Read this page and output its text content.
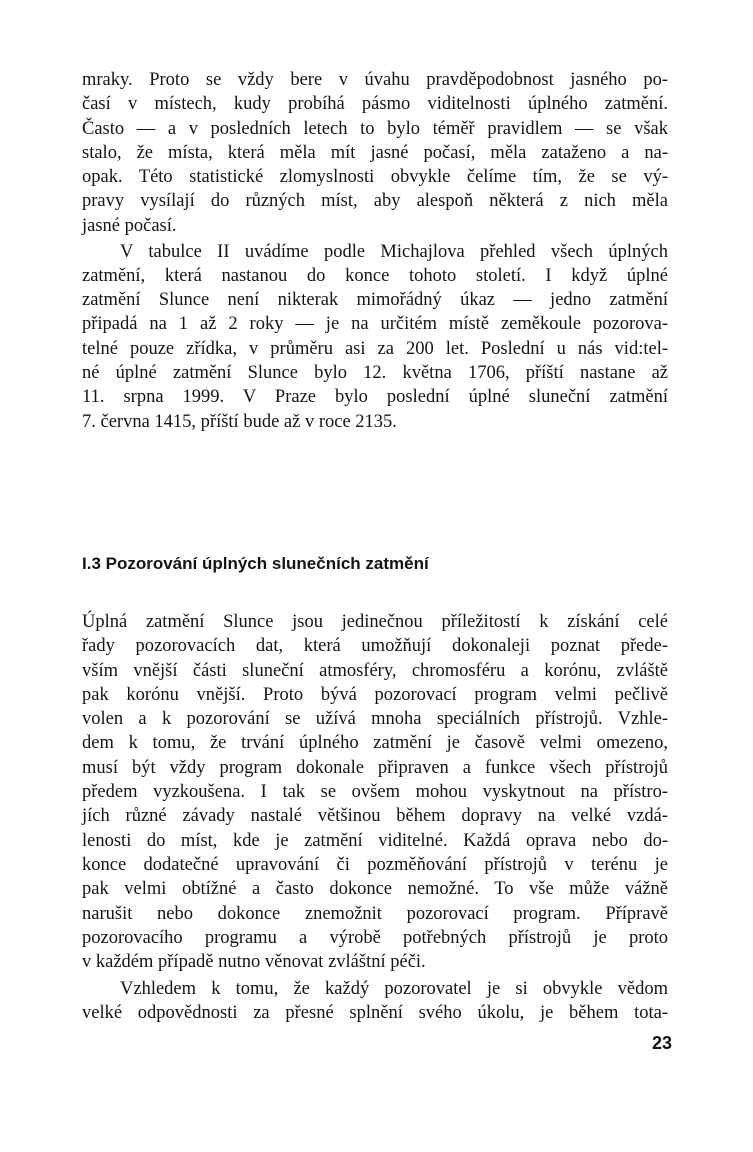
mraky. Proto se vždy bere v úvahu pravděpodobnost jasného po-
časí v místech, kudy probíhá pásmo viditelnosti úplného zatmění.
Často — a v posledních letech to bylo téměř pravidlem — se však
stalo, že místa, která měla mít jasné počasí, měla zataženo a na-
opak. Této statistické zlomyslnosti obvykle čelíme tím, že se vý-
pravy vysílají do různých míst, aby alespoň některá z nich měla
jasné počasí.
V tabulce II uvádíme podle Michajlova přehled všech úplných
zatmění, která nastanou do konce tohoto století. I když úplné
zatmění Slunce není nikterak mimořádný úkaz — jedno zatmění
připadá na 1 až 2 roky — je na určitém místě zeměkoule pozorova-
telné pouze zřídka, v průměru asi za 200 let. Poslední u nás vid:tel-
né úplné zatmění Slunce bylo 12. května 1706, příští nastane až
11. srpna 1999. V Praze bylo poslední úplné sluneční zatmění
7. června 1415, příští bude až v roce 2135.
I.3 Pozorování úplných slunečních zatmění
Úplná zatmění Slunce jsou jedinečnou příležitostí k získání celé
řady pozorovacích dat, která umožňují dokonaleji poznat přede-
vším vnější části sluneční atmosféry, chromosféru a korónu, zvláště
pak korónu vnější. Proto bývá pozorovací program velmi pečlivě
volen a k pozorování se užívá mnoha speciálních přístrojů. Vzhle-
dem k tomu, že trvání úplného zatmění je časově velmi omezeno,
musí být vždy program dokonale připraven a funkce všech přístrojů
předem vyzkoušena. I tak se ovšem mohou vyskytnout na přístro-
jích různé závady nastalé většinou během dopravy na velké vzdá-
lenosti do míst, kde je zatmění viditelné. Každá oprava nebo do-
konce dodatečné upravování či pozměňování přístrojů v terénu je
pak velmi obtížné a často dokonce nemožné. To vše může vážně
narušit nebo dokonce znemožnit pozorovací program. Přípravě
pozorovacího programu a výrobě potřebných přístrojů je proto
v každém případě nutno věnovat zvláštní péči.
Vzhledem k tomu, že každý pozorovatel je si obvykle vědom
velké odpovědnosti za přesné splnění svého úkolu, je během tota-
23
